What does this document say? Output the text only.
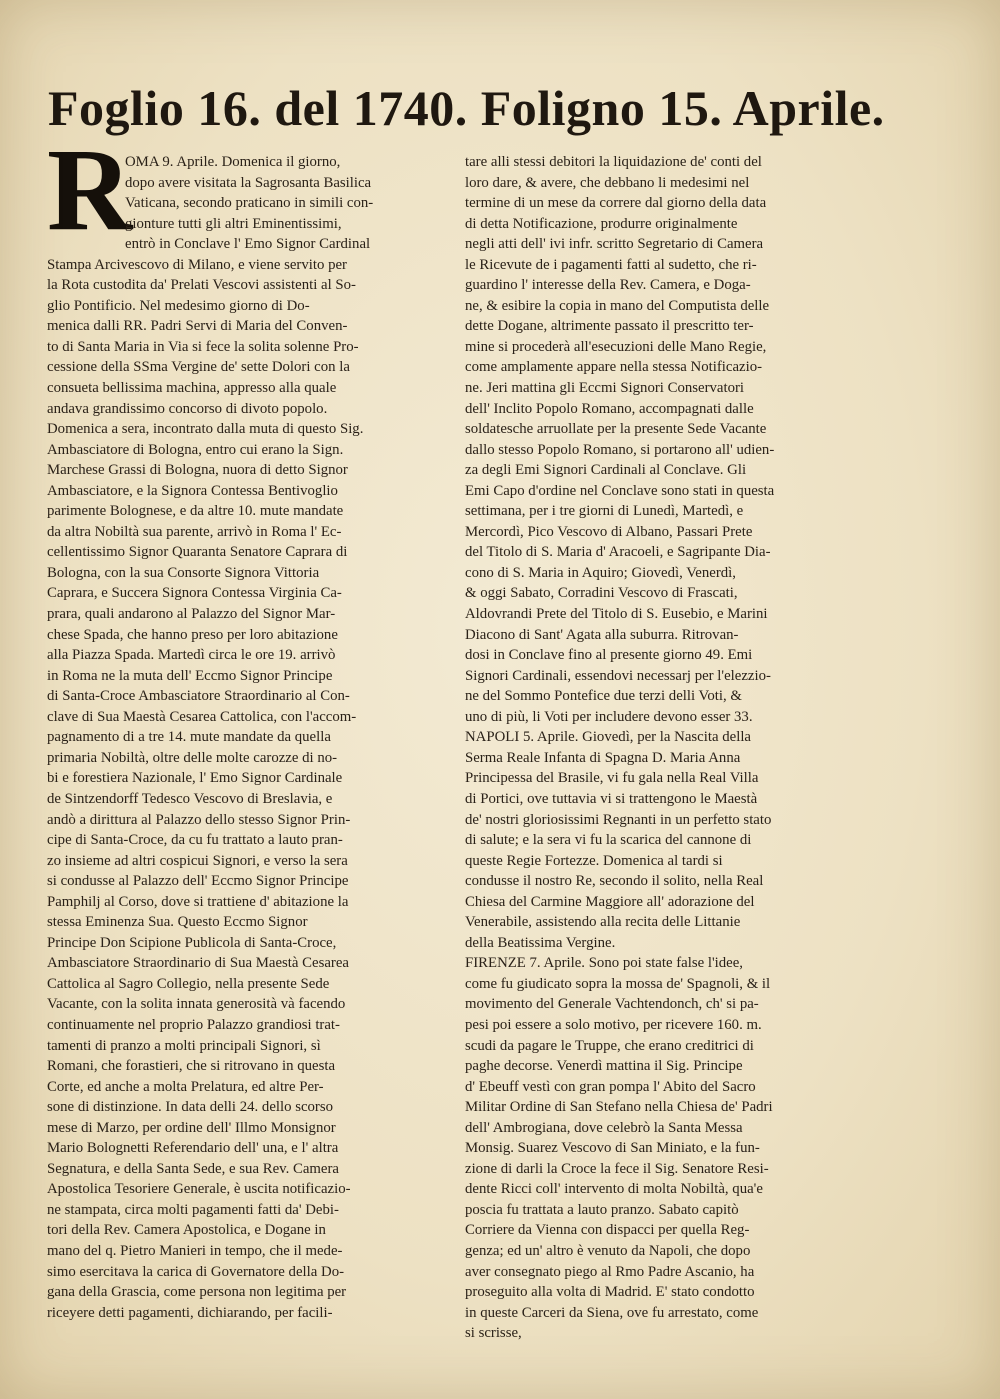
Foglio 16. del 1740. Foligno 15. Aprile.
R
OMA 9. Aprile. Domenica il giorno,
dopo avere visitata la Sagrosanta Basilica
Vaticana, secondo praticano in simili con-
gionture tutti gli altri Eminentissimi,
entrò in Conclave l' Emo Signor Cardinal
Stampa Arcivescovo di Milano, e viene servito per
la Rota custodita da' Prelati Vescovi assistenti al So-
glio Pontificio. Nel medesimo giorno di Do-
menica dalli RR. Padri Servi di Maria del Conven-
to di Santa Maria in Via si fece la solita solenne Pro-
cessione della SSma Vergine de' sette Dolori con la
consueta bellissima machina, appresso alla quale
andava grandissimo concorso di divoto popolo.
Domenica a sera, incontrato dalla muta di questo Sig.
Ambasciatore di Bologna, entro cui erano la Sign.
Marchese Grassi di Bologna, nuora di detto Signor
Ambasciatore, e la Signora Contessa Bentivoglio
parimente Bolognese, e da altre 10. mute mandate
da altra Nobiltà sua parente, arrivò in Roma l' Ec-
cellentissimo Signor Quaranta Senatore Caprara di
Bologna, con la sua Consorte Signora Vittoria
Caprara, e Succera Signora Contessa Virginia Ca-
prara, quali andarono al Palazzo del Signor Mar-
chese Spada, che hanno preso per loro abitazione
alla Piazza Spada. Martedì circa le ore 19. arrivò
in Roma ne la muta dell' Eccmo Signor Principe
di Santa-Croce Ambasciatore Straordinario al Con-
clave di Sua Maestà Cesarea Cattolica, con l'accom-
pagnamento di a tre 14. mute mandate da quella
primaria Nobiltà, oltre delle molte carozze di no-
bi e forestiera Nazionale, l' Emo Signor Cardinale
de Sintzendorff Tedesco Vescovo di Breslavia, e
andò a dirittura al Palazzo dello stesso Signor Prin-
cipe di Santa-Croce, da cu fu trattato a lauto pran-
zo insieme ad altri cospicui Signori, e verso la sera
si condusse al Palazzo dell' Eccmo Signor Principe
Pamphilj al Corso, dove si trattiene d' abitazione la
stessa Eminenza Sua. Questo Eccmo Signor
Principe Don Scipione Publicola di Santa-Croce,
Ambasciatore Straordinario di Sua Maestà Cesarea
Cattolica al Sagro Collegio, nella presente Sede
Vacante, con la solita innata generosità và facendo
continuamente nel proprio Palazzo grandiosi trat-
tamenti di pranzo a molti principali Signori, sì
Romani, che forastieri, che si ritrovano in questa
Corte, ed anche a molta Prelatura, ed altre Per-
sone di distinzione. In data delli 24. dello scorso
mese di Marzo, per ordine dell' Illmo Monsignor
Mario Bolognetti Referendario dell' una, e l' altra
Segnatura, e della Santa Sede, e sua Rev. Camera
Apostolica Tesoriere Generale, è uscita notificazio-
ne stampata, circa molti pagamenti fatti da' Debi-
tori della Rev. Camera Apostolica, e Dogane in
mano del q. Pietro Manieri in tempo, che il mede-
simo esercitava la carica di Governatore della Do-
gana della Grascia, come persona non legitima per
riceyere detti pagamenti, dichiarando, per facili-
tare alli stessi debitori la liquidazione de' conti del
loro dare, & avere, che debbano li medesimi nel
termine di un mese da correre dal giorno della data
di detta Notificazione, produrre originalmente
negli atti dell' ivi infr. scritto Segretario di Camera
le Ricevute de i pagamenti fatti al sudetto, che ri-
guardino l' interesse della Rev. Camera, e Doga-
ne, & esibire la copia in mano del Computista delle
dette Dogane, altrimente passato il prescritto ter-
mine si procederà all'esecuzioni delle Mano Regie,
come amplamente appare nella stessa Notificazio-
ne. Jeri mattina gli Eccmi Signori Conservatori
dell' Inclito Popolo Romano, accompagnati dalle
soldatesche arruollate per la presente Sede Vacante
dallo stesso Popolo Romano, si portarono all' udien-
za degli Emi Signori Cardinali al Conclave. Gli
Emi Capo d'ordine nel Conclave sono stati in questa
settimana, per i tre giorni di Lunedì, Martedì, e
Mercordì, Pico Vescovo di Albano, Passari Prete
del Titolo di S. Maria d' Aracoeli, e Sagripante Dia-
cono di S. Maria in Aquiro; Giovedì, Venerdì,
& oggi Sabato, Corradini Vescovo di Frascati,
Aldovrandi Prete del Titolo di S. Eusebio, e Marini
Diacono di Sant' Agata alla suburra. Ritrovan-
dosi in Conclave fino al presente giorno 49. Emi
Signori Cardinali, essendovi necessarj per l'elezzio-
ne del Sommo Pontefice due terzi delli Voti, &
uno di più, li Voti per includere devono esser 33.
NAPOLI 5. Aprile. Giovedì, per la Nascita della
Serma Reale Infanta di Spagna D. Maria Anna
Principessa del Brasile, vi fu gala nella Real Villa
di Portici, ove tuttavia vi si trattengono le Maestà
de' nostri gloriosissimi Regnanti in un perfetto stato
di salute; e la sera vi fu la scarica del cannone di
queste Regie Fortezze. Domenica al tardi si
condusse il nostro Re, secondo il solito, nella Real
Chiesa del Carmine Maggiore all' adorazione del
Venerabile, assistendo alla recita delle Littanie
della Beatissima Vergine.
FIRENZE 7. Aprile. Sono poi state false l'idee,
come fu giudicato sopra la mossa de' Spagnoli, & il
movimento del Generale Vachtendonch, ch' si pa-
pesi poi essere a solo motivo, per ricevere 160. m.
scudi da pagare le Truppe, che erano creditrici di
paghe decorse. Venerdì mattina il Sig. Principe
d' Ebeuff vestì con gran pompa l' Abito del Sacro
Militar Ordine di San Stefano nella Chiesa de' Padri
dell' Ambrogiana, dove celebrò la Santa Messa
Monsig. Suarez Vescovo di San Miniato, e la fun-
zione di darli la Croce la fece il Sig. Senatore Resi-
dente Ricci coll' intervento di molta Nobiltà, qua'e
poscia fu trattata a lauto pranzo. Sabato capitò
Corriere da Vienna con dispacci per quella Reg-
genza; ed un' altro è venuto da Napoli, che dopo
aver consegnato piego al Rmo Padre Ascanio, ha
proseguito alla volta di Madrid. E' stato condotto
in queste Carceri da Siena, ove fu arrestato, come
si scrisse,
